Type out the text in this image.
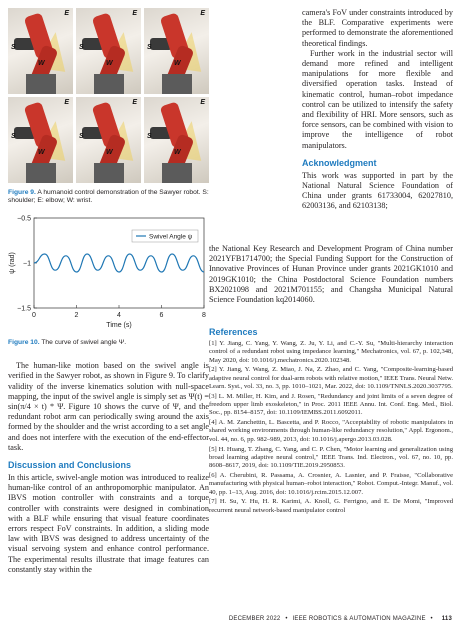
S
E
W
S
E
W
S
E
W
S
E
W
S
E
W
S
E
W
Figure 9. A humanoid control demonstration of the Sawyer robot. S: shoulder; E: elbow; W: wrist.
0	2	4	6	8
−0.5
−1
−1.5
Time (s)
ψ (rad)
Swivel Angle ψ
Figure 10. The curve of swivel angle Ψ.

The human-like motion based on the swivel angle is verified in the Sawyer robot, as shown in Figure 9. To clarify validity of the inverse kinematics solution with null-space mapping, the input of the swivel angle is simply set as Ψ(t) = sin(π/4 × t) * Ψ. Figure 10 shows the curve of Ψ, and the redundant robot arm can periodically swing around the axis formed by the shoulder and the wrist according to a set angle and does not interfere with the execution of the end-effector task.

Discussion and Conclusions

In this article, swivel-angle motion was introduced to realize human-like control of an anthropomorphic manipulator. An IBVS motion controller with constraints and a torque controller with constraints were designed in combination with a BLF while ensuring that visual feature coordinates errors respect FoV constraints. In addition, a sliding mode law with IBVS was designed to address uncertainty of the visual servoing system and enhance control performance. The experimental results illustrate that image features can constantly stay within the

camera's FoV under constraints introduced by the BLF. Comparative experiments were performed to demonstrate the aforementioned theoretical findings.

Further work in the industrial sector will demand more refined and intelligent manipulations for more flexible and diversified operation tasks. Instead of kinematic control, human–robot impedance control can be utilized to intensify the safety and flexibility of HRI. More sensors, such as force sensors, can be combined with vision to improve the intelligence of robot manipulators.

Acknowledgment

This work was supported in part by the National Natural Science Foundation of China under grants 61733004, 62027810, 62003136, and 62103138;

the National Key Research and Development Program of China number 2021YFB1714700; the Special Funding Support for the Construction of Innovative Provinces of Hunan Province under grants 2021GK1010 and 2019GK1010; the China Postdoctoral Science Foundation numbers BX2021098 and 2021M701155; and Changsha Municipal Natural Science Foundation kq2014060.
References
[1] Y. Jiang, C. Yang, Y. Wang, Z. Ju, Y. Li, and C.-Y. Su, "Multi-hierarchy interaction control of a redundant robot using impedance learning," Mechatronics, vol. 67, p. 102,348, May 2020, doi: 10.1016/j.mechatronics.2020.102348.
[2] Y. Jiang, Y. Wang, Z. Miao, J. Na, Z. Zhao, and C. Yang, "Composite-learning-based adaptive neural control for dual-arm robots with relative motion," IEEE Trans. Neural Netw. Learn. Syst., vol. 33, no. 3, pp. 1010–1021, Mar. 2022, doi: 10.1109/TNNLS.2020.3037795.
[3] L. M. Miller, H. Kim, and J. Rosen, "Redundancy and joint limits of a seven degree of freedom upper limb exoskeleton," in Proc. 2011 IEEE Annu. Int. Conf. Eng. Med., Biol. Soc., pp. 8154–8157, doi: 10.1109/IEMBS.2011.6092011.
[4] A. M. Zanchettin, L. Bascetta, and P. Rocco, "Acceptability of robotic manipulators in shared working environments through human-like redundancy resolution," Appl. Ergonom., vol. 44, no. 6, pp. 982–989, 2013, doi: 10.1016/j.apergo.2013.03.028.
[5] H. Huang, T. Zhang, C. Yang, and C. P. Chen, "Motor learning and generalization using broad learning adaptive neural control," IEEE Trans. Ind. Electron., vol. 67, no. 10, pp. 8608–8617, 2019, doi: 10.1109/TIE.2019.2950853.
[6] A. Cherubini, R. Passama, A. Crosnier, A. Lasnier, and P. Fraisse, "Collaborative manufacturing with physical human–robot interaction," Robot. Comput.-Integr. Manuf., vol. 40, pp. 1–13, Aug. 2016, doi: 10.1016/j.rcim.2015.12.007.
[7] H. Su, Y. Hu, H. R. Karimi, A. Knoll, G. Ferrigno, and E. De Momi, "Improved recurrent neural network-based manipulator control
DECEMBER 2022 • IEEE ROBOTICS & AUTOMATION MAGAZINE • 113
